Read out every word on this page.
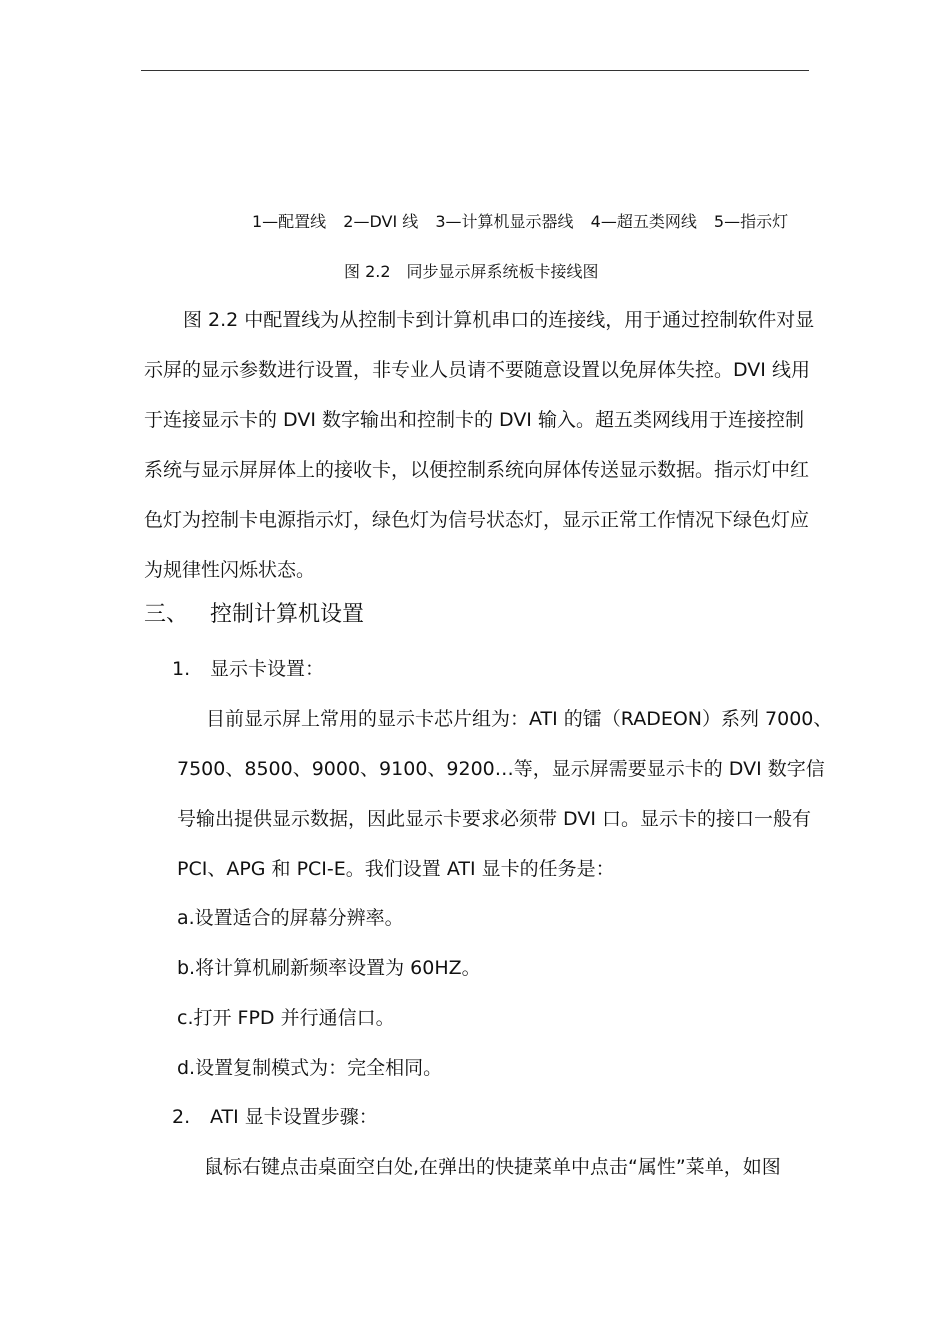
1—配置线 2—DVI 线 3—计算机显示器线 4—超五类网线 5—指示灯
图 2.2　同步显示屏系统板卡接线图
图 2.2 中配置线为从控制卡到计算机串口的连接线，用于通过控制软件对显
示屏的显示参数进行设置，非专业人员请不要随意设置以免屏体失控。DVI 线用
于连接显示卡的 DVI 数字输出和控制卡的 DVI 输入。超五类网线用于连接控制
系统与显示屏屏体上的接收卡，以便控制系统向屏体传送显示数据。指示灯中红
色灯为控制卡电源指示灯，绿色灯为信号状态灯，显示正常工作情况下绿色灯应
为规律性闪烁状态。
三、 控制计算机设置
1. 显示卡设置：
目前显示屏上常用的显示卡芯片组为：ATI 的镭（RADEON）系列 7000、
7500、8500、9000、9100、9200…等，显示屏需要显示卡的 DVI 数字信
号输出提供显示数据，因此显示卡要求必须带 DVI 口。显示卡的接口一般有
PCI、APG 和 PCI-E。我们设置 ATI 显卡的任务是：
a.设置适合的屏幕分辨率。
b.将计算机刷新频率设置为 60HZ。
c.打开 FPD 并行通信口。
d.设置复制模式为：完全相同。
2. ATI 显卡设置步骤：
鼠标右键点击桌面空白处,在弹出的快捷菜单中点击“属性”菜单，如图
